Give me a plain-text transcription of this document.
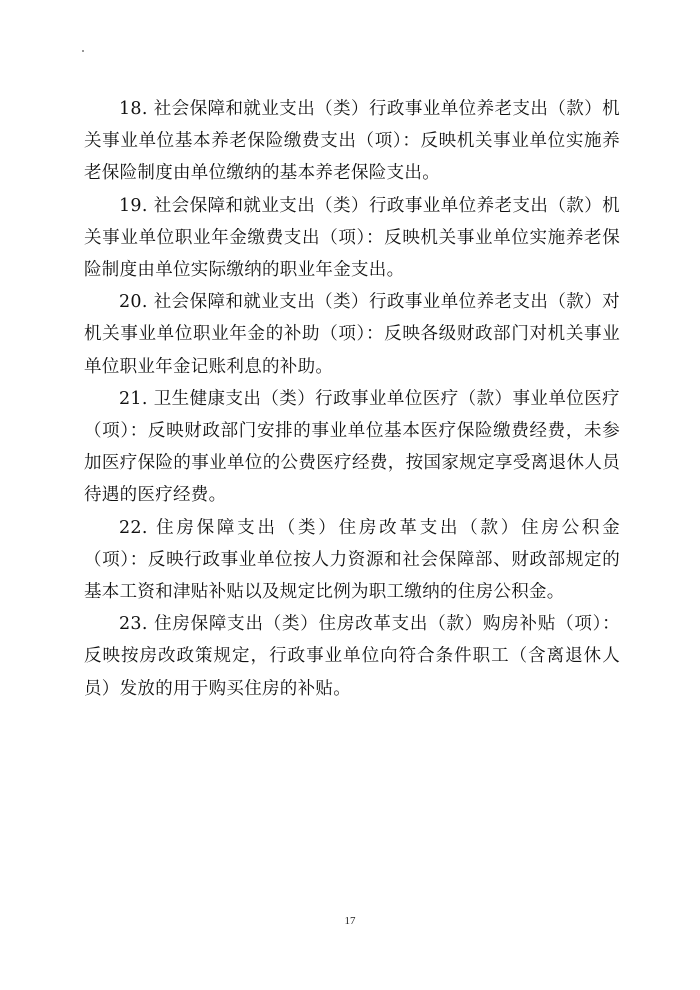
18. 社会保障和就业支出（类）行政事业单位养老支出（款）机关事业单位基本养老保险缴费支出（项）：反映机关事业单位实施养老保险制度由单位缴纳的基本养老保险支出。

19. 社会保障和就业支出（类）行政事业单位养老支出（款）机关事业单位职业年金缴费支出（项）：反映机关事业单位实施养老保险制度由单位实际缴纳的职业年金支出。

20. 社会保障和就业支出（类）行政事业单位养老支出（款）对机关事业单位职业年金的补助（项）：反映各级财政部门对机关事业单位职业年金记账利息的补助。

21. 卫生健康支出（类）行政事业单位医疗（款）事业单位医疗（项）：反映财政部门安排的事业单位基本医疗保险缴费经费，未参加医疗保险的事业单位的公费医疗经费，按国家规定享受离退休人员待遇的医疗经费。

22. 住房保障支出（类）住房改革支出（款）住房公积金（项）：反映行政事业单位按人力资源和社会保障部、财政部规定的基本工资和津贴补贴以及规定比例为职工缴纳的住房公积金。

23. 住房保障支出（类）住房改革支出（款）购房补贴（项）：反映按房改政策规定，行政事业单位向符合条件职工（含离退休人员）发放的用于购买住房的补贴。

17
